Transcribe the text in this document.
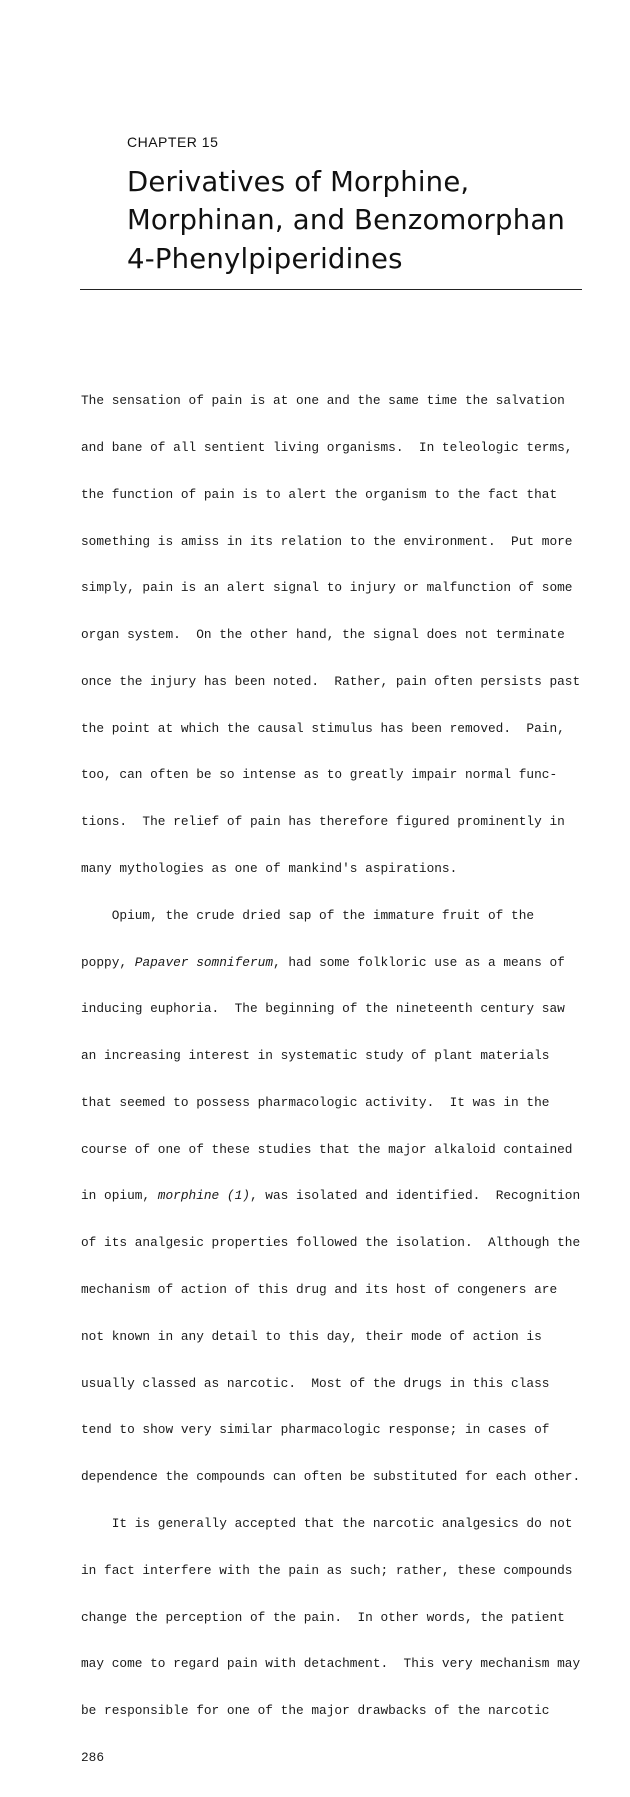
CHAPTER 15
Derivatives of Morphine,
Morphinan, and Benzomorphan
4-Phenylpiperidines

The sensation of pain is at one and the same time the salvation

and bane of all sentient living organisms.  In teleologic terms,

the function of pain is to alert the organism to the fact that

something is amiss in its relation to the environment.  Put more

simply, pain is an alert signal to injury or malfunction of some

organ system.  On the other hand, the signal does not terminate

once the injury has been noted.  Rather, pain often persists past

the point at which the causal stimulus has been removed.  Pain,

too, can often be so intense as to greatly impair normal func-

tions.  The relief of pain has therefore figured prominently in

many mythologies as one of mankind's aspirations.

Opium, the crude dried sap of the immature fruit of the

poppy, Papaver somniferum, had some folkloric use as a means of

inducing euphoria.  The beginning of the nineteenth century saw

an increasing interest in systematic study of plant materials

that seemed to possess pharmacologic activity.  It was in the

course of one of these studies that the major alkaloid contained

in opium, morphine (1), was isolated and identified.  Recognition

of its analgesic properties followed the isolation.  Although the

mechanism of action of this drug and its host of congeners are

not known in any detail to this day, their mode of action is

usually classed as narcotic.  Most of the drugs in this class

tend to show very similar pharmacologic response; in cases of

dependence the compounds can often be substituted for each other.

It is generally accepted that the narcotic analgesics do not

in fact interfere with the pain as such; rather, these compounds

change the perception of the pain.  In other words, the patient

may come to regard pain with detachment.  This very mechanism may

be responsible for one of the major drawbacks of the narcotic

286
